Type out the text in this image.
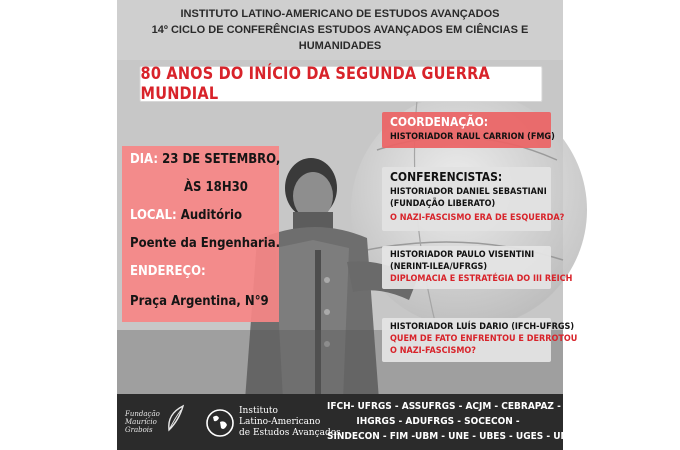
INSTITUTO LATINO-AMERICANO DE ESTUDOS AVANÇADOS
14º CICLO DE CONFERÊNCIAS ESTUDOS AVANÇADOS EM CIÊNCIAS E
HUMANIDADES
80 ANOS DO INÍCIO DA SEGUNDA GUERRA MUNDIAL
DIA: 23 DE SETEMBRO,
ÀS 18H30
LOCAL: Auditório
Poente da Engenharia.
ENDEREÇO:
Praça Argentina, N°9
COORDENAÇÃO:
HISTORIADOR RAUL CARRION (FMG)
CONFERENCISTAS:
HISTORIADOR DANIEL SEBASTIANI
(FUNDAÇÃO LIBERATO)
O NAZI-FASCISMO ERA DE ESQUERDA?
HISTORIADOR PAULO VISENTINI
(NERINT-ILEA/UFRGS)
DIPLOMACIA E ESTRATÉGIA DO III REICH
HISTORIADOR LUÍS DARIO (IFCH-UFRGS)
QUEM DE FATO ENFRENTOU E DERROTOU
O NAZI-FASCISMO?
Fundação
Maurício
Grabois
Instituto
Latino-Americano
de Estudos Avançados
IFCH- UFRGS - ASSUFRGS - ACJM - CEBRAPAZ -
IHGRGS - ADUFRGS - SOCECON -
SINDECON - FIM -UBM - UNE - UBES - UGES - UMESPA
